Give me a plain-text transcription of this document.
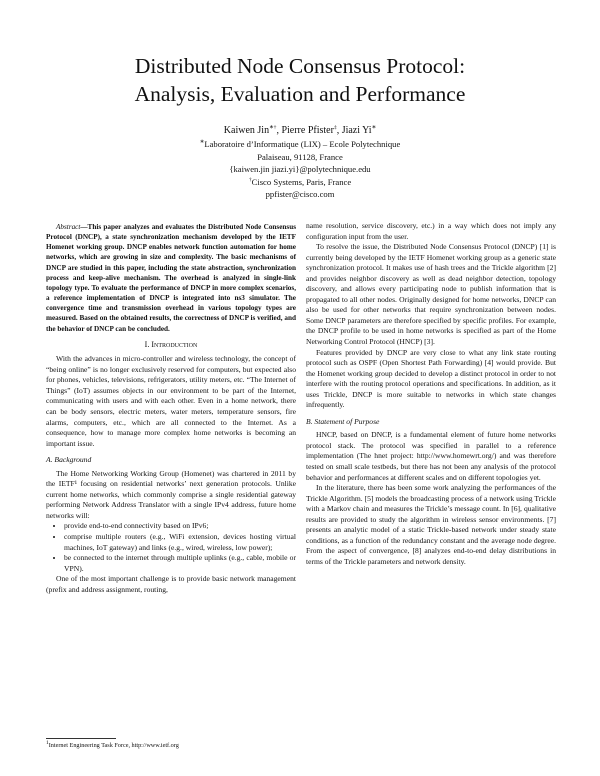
Distributed Node Consensus Protocol:
Analysis, Evaluation and Performance
Kaiwen Jin∗†, Pierre Pfister‡, Jiazi Yi∗
∗Laboratoire d’Informatique (LIX) – Ecole Polytechnique
Palaiseau, 91128, France
{kaiwen.jin jiazi.yi}@polytechnique.edu
†Cisco Systems, Paris, France
ppfister@cisco.com

Abstract—This paper analyzes and evaluates the Distributed Node Consensus Protocol (DNCP), a state synchronization mechanism developed by the IETF Homenet working group. DNCP enables network function automation for home networks, which are growing in size and complexity. The basic mechanisms of DNCP are studied in this paper, including the state abstraction, synchronization process and keep-alive mechanism. The overhead is analyzed in single-link topology type. To evaluate the performance of DNCP in more complex scenarios, a reference implementation of DNCP is integrated into ns3 simulator. The convergence time and transmission overhead in various topology types are measured. Based on the obtained results, the correctness of DNCP is verified, and the behavior of DNCP can be concluded.

I. Introduction

With the advances in micro-controller and wireless technology, the concept of “being online” is no longer exclusively reserved for computers, but expected also for phones, vehicles, televisions, refrigerators, utility meters, etc. “The Internet of Things” (IoT) assumes objects in our environment to be part of the Internet, communicating with users and with each other. Even in a home network, there can be body sensors, electric meters, water meters, temperature sensors, fire alarms, computers, etc., which are all connected to the Internet. As a consequence, how to manage more complex home networks is becoming an important issue.

A. Background

The Home Networking Working Group (Homenet) was chartered in 2011 by the IETF¹ focusing on residential networks’ next generation protocols. Unlike current home networks, which commonly comprise a single residential gateway performing Network Address Translator with a single IPv4 address, future home networks will:

• provide end-to-end connectivity based on IPv6;
• comprise multiple routers (e.g., WiFi extension, devices hosting virtual machines, IoT gateway) and links (e.g., wired, wireless, low power);
• be connected to the internet through multiple uplinks (e.g., cable, mobile or VPN).

One of the most important challenge is to provide basic network management (prefix and address assignment, routing,

name resolution, service discovery, etc.) in a way which does not imply any configuration input from the user.

To resolve the issue, the Distributed Node Consensus Protocol (DNCP) [1] is currently being developed by the IETF Homenet working group as a generic state synchronization protocol. It makes use of hash trees and the Trickle algorithm [2] and provides neighbor discovery as well as dead neighbor detection, topology discovery, and allows every participating node to publish information that is propagated to all other nodes. Originally designed for home networks, DNCP can also be used for other networks that require synchronization between nodes. Some DNCP parameters are therefore specified by specific profiles. For example, the DNCP profile to be used in home networks is specified as part of the Home Networking Control Protocol (HNCP) [3].

Features provided by DNCP are very close to what any link state routing protocol such as OSPF (Open Shortest Path Forwarding) [4] would provide. But the Homenet working group decided to develop a distinct protocol in order to not interfere with the routing protocol operations and specifications. In addition, as it uses Trickle, DNCP is more suitable to networks in which state changes infrequently.

B. Statement of Purpose

HNCP, based on DNCP, is a fundamental element of future home networks protocol stack. The protocol was specified in parallel to a reference implementation (The hnet project: http://www.homewrt.org/) and was therefore tested on small scale testbeds, but there has not been any analysis of the protocol behavior and performances at different scales and on different topologies yet.

In the literature, there has been some work analyzing the performances of the Trickle Algorithm. [5] models the broadcasting process of a network using Trickle with a Markov chain and measures the Trickle’s message count. In [6], qualitative results are provided to study the algorithm in wireless sensor environments. [7] presents an analytic model of a static Trickle-based network under steady state conditions, as a function of the redundancy constant and the average node degree. From the aspect of convergence, [8] analyzes end-to-end delay distributions in terms of the Trickle parameters and network density.

$^1$Internet Engineering Task Force, http://www.ietf.org
